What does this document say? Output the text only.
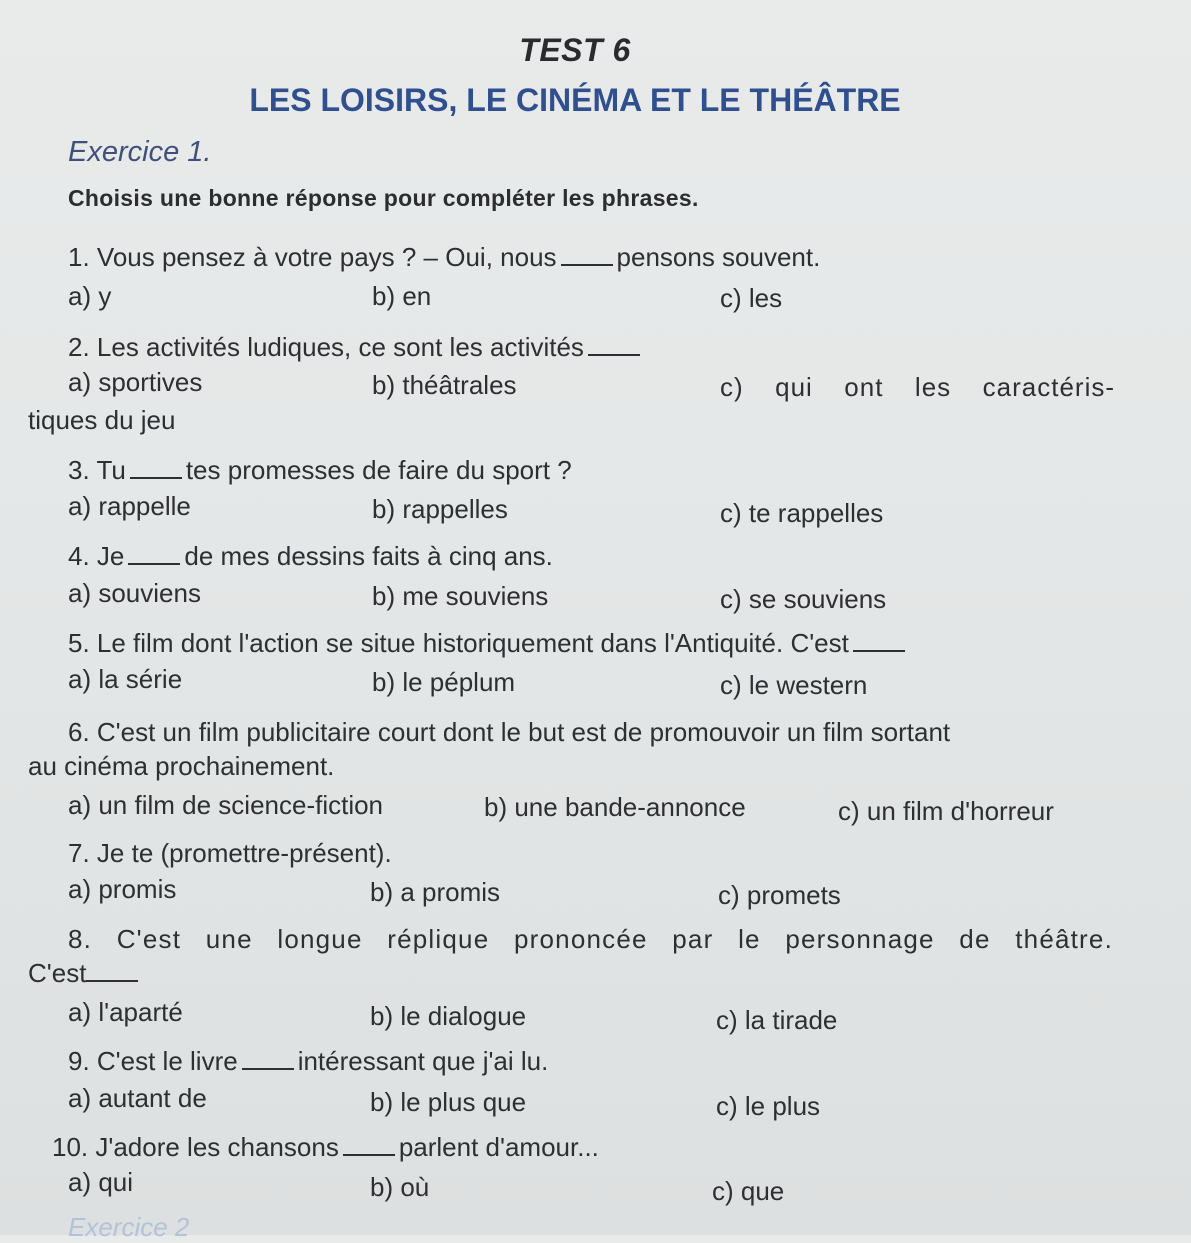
TEST 6
LES LOISIRS, LE CINÉMA ET LE THÉÂTRE
Exercice 1.
Choisis une bonne réponse pour compléter les phrases.
1. Vous pensez à votre pays ? – Oui, nous pensons souvent.
a) y	b) en	c) les
2. Les activités ludiques, ce sont les activités
a) sportives	b) théâtrales	c) qui ont les caractéris-
tiques du jeu
3. Tu tes promesses de faire du sport ?
a) rappelle	b) rappelles	c) te rappelles
4. Je de mes dessins faits à cinq ans.
a) souviens	b) me souviens	c) se souviens
5. Le film dont l'action se situe historiquement dans l'Antiquité. C'est
a) la série	b) le péplum	c) le western
6. C'est un film publicitaire court dont le but est de promouvoir un film sortant
au cinéma prochainement.
a) un film de science-fiction	b) une bande-annonce	c) un film d'horreur
7. Je te (promettre-présent).
a) promis	b) a promis	c) promets
8. C'est une longue réplique prononcée par le personnage de théâtre.
C'est
a) l'aparté	b) le dialogue	c) la tirade
9. C'est le livre intéressant que j'ai lu.
a) autant de	b) le plus que	c) le plus
10. J'adore les chansons parlent d'amour...
a) qui	b) où	c) que
Exercice 2
